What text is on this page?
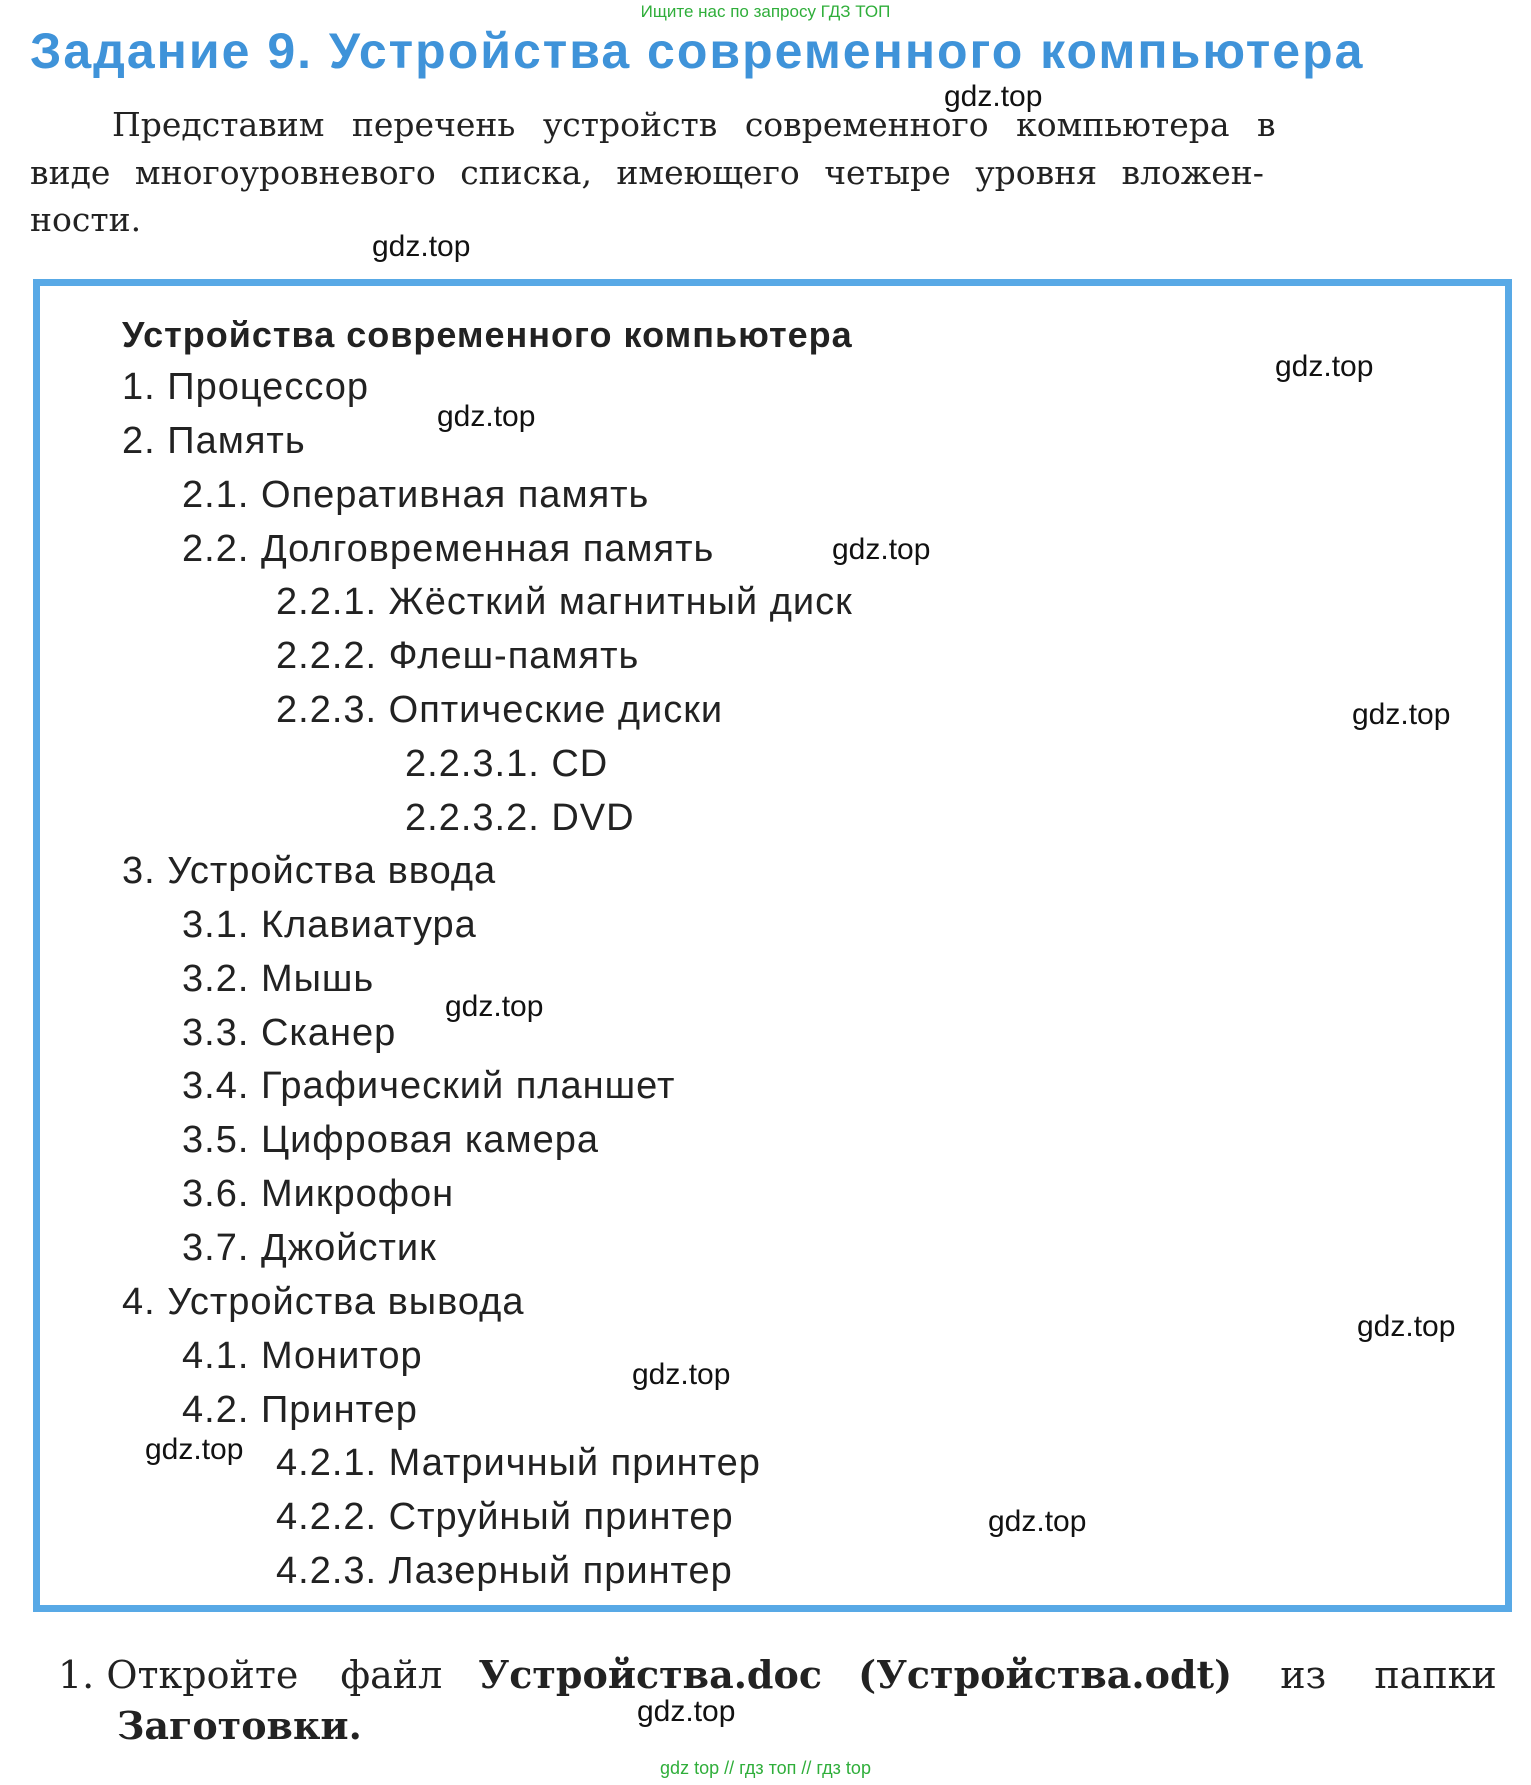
Ищите нас по запросу ГДЗ ТОП
Задание 9. Устройства современного компьютера
Представим перечень устройств современного компьютера в
виде многоуровневого списка, имеющего четыре уровня вложен-
ности.
Устройства современного компьютера
1. Процессор
2. Память
2.1. Оперативная память
2.2. Долговременная память
2.2.1. Жёсткий магнитный диск
2.2.2. Флеш-память
2.2.3. Оптические диски
2.2.3.1. CD
2.2.3.2. DVD
3. Устройства ввода
3.1. Клавиатура
3.2. Мышь
3.3. Сканер
3.4. Графический планшет
3.5. Цифровая камера
3.6. Микрофон
3.7. Джойстик
4. Устройства вывода
4.1. Монитор
4.2. Принтер
4.2.1. Матричный принтер
4.2.2. Струйный принтер
4.2.3. Лазерный принтер
1. Откройте файл Устройства.doc (Устройства.odt) из папки
Заготовки.
gdz.top
gdz.top
gdz.top
gdz.top
gdz.top
gdz.top
gdz.top
gdz.top
gdz.top
gdz.top
gdz.top
gdz.top
gdz top // гдз топ // гдз top
